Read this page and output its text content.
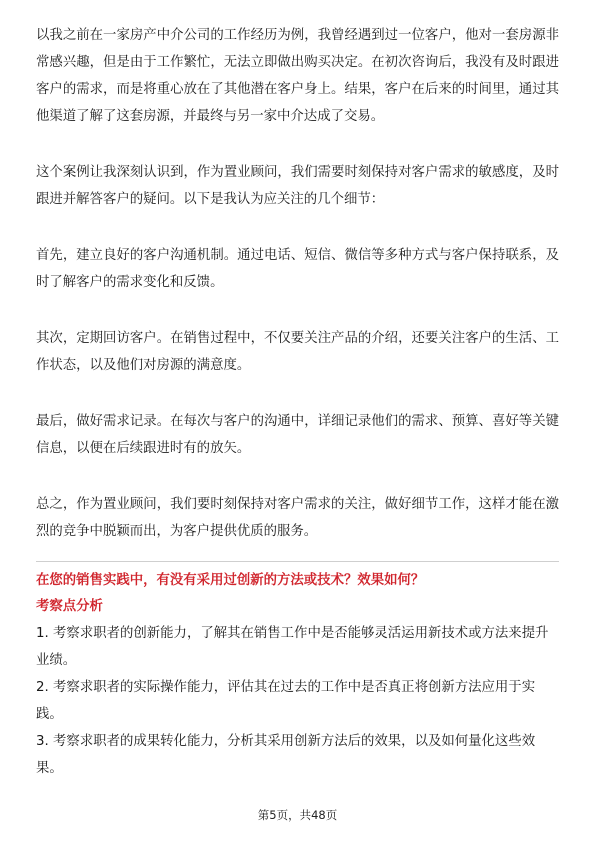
以我之前在一家房产中介公司的工作经历为例，我曾经遇到过一位客户，他对一套房源非常感兴趣，但是由于工作繁忙，无法立即做出购买决定。在初次咨询后，我没有及时跟进客户的需求，而是将重心放在了其他潜在客户身上。结果，客户在后来的时间里，通过其他渠道了解了这套房源，并最终与另一家中介达成了交易。

这个案例让我深刻认识到，作为置业顾问，我们需要时刻保持对客户需求的敏感度，及时跟进并解答客户的疑问。以下是我认为应关注的几个细节：

首先，建立良好的客户沟通机制。通过电话、短信、微信等多种方式与客户保持联系，及时了解客户的需求变化和反馈。

其次，定期回访客户。在销售过程中，不仅要关注产品的介绍，还要关注客户的生活、工作状态，以及他们对房源的满意度。

最后，做好需求记录。在每次与客户的沟通中，详细记录他们的需求、预算、喜好等关键信息，以便在后续跟进时有的放矢。

总之，作为置业顾问，我们要时刻保持对客户需求的关注，做好细节工作，这样才能在激烈的竞争中脱颖而出，为客户提供优质的服务。

在您的销售实践中，有没有采用过创新的方法或技术？效果如何？

考察点分析

1. 考察求职者的创新能力，了解其在销售工作中是否能够灵活运用新技术或方法来提升业绩。

2. 考察求职者的实际操作能力，评估其在过去的工作中是否真正将创新方法应用于实践。

3. 考察求职者的成果转化能力，分析其采用创新方法后的效果，以及如何量化这些效果。

第5页，共48页
